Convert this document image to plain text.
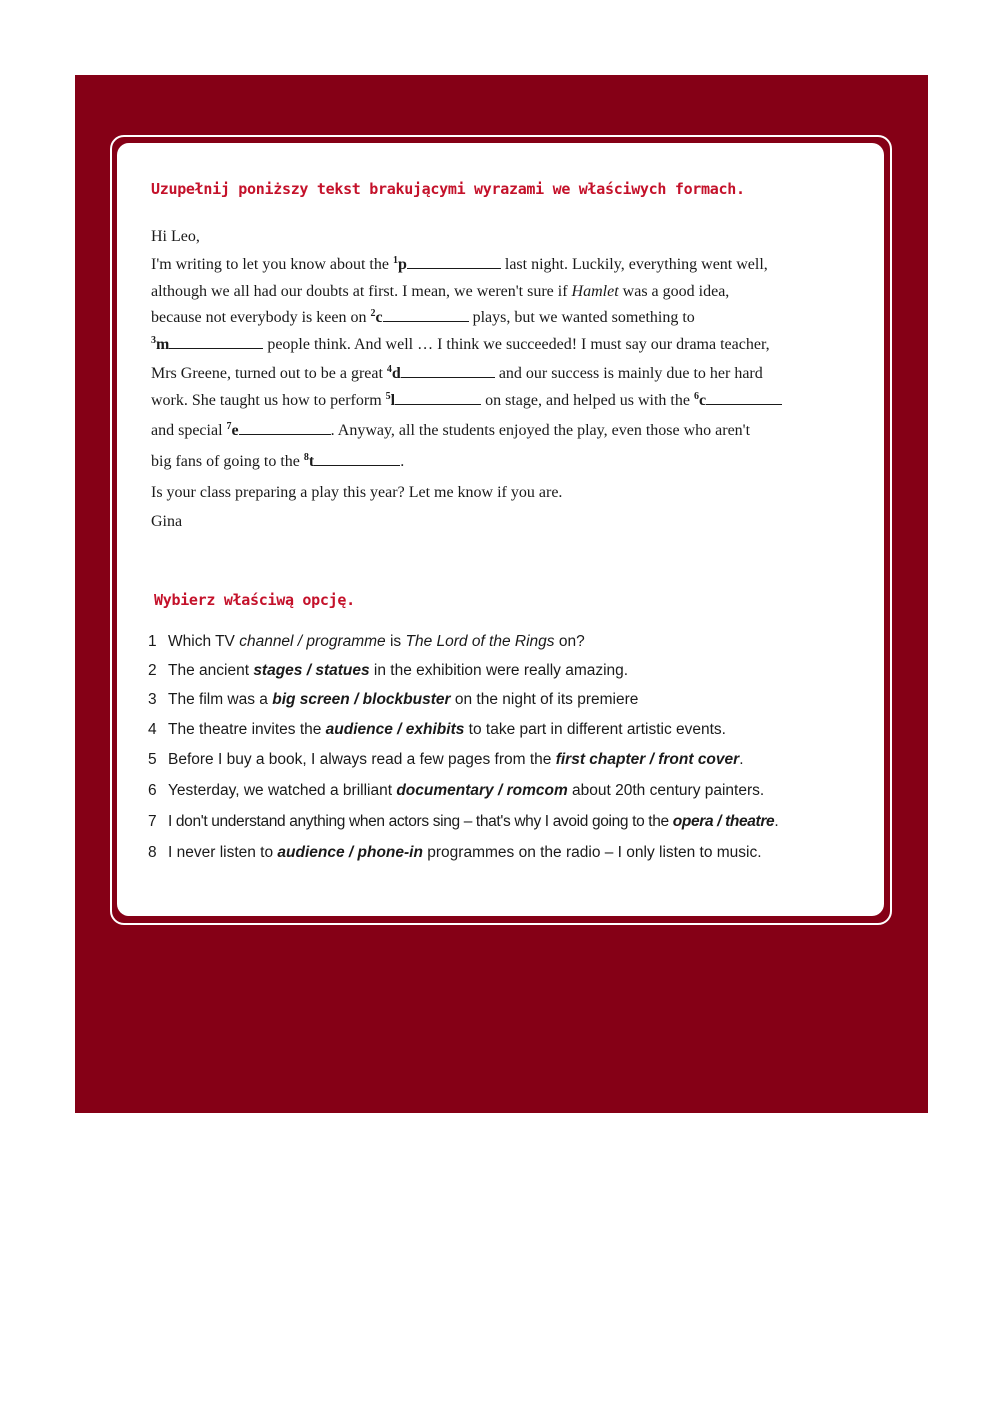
Uzupełnij poniższy tekst brakującymi wyrazami we właściwych formach.
Hi Leo,
I'm writing to let you know about the $^1$p	last night. Luckily, everything went well,
although we all had our doubts at first. I mean, we weren't sure if Hamlet was a good idea,
because not everybody is keen on $^2$c	plays, but we wanted something to
$^3$m	people think. And well … I think we succeeded! I must say our drama teacher,
Mrs Greene, turned out to be a great $^4$d	and our success is mainly due to her hard
work. She taught us how to perform $^5$l	on stage, and helped us with the $^6$c
and special $^7$e	. Anyway, all the students enjoyed the play, even those who aren't
big fans of going to the $^8$t	.
Is your class preparing a play this year? Let me know if you are.
Gina
Wybierz właściwą opcję.
1 Which TV channel / programme is The Lord of the Rings on?
2 The ancient stages / statues in the exhibition were really amazing.
3 The film was a big screen / blockbuster on the night of its premiere
4 The theatre invites the audience / exhibits to take part in different artistic events.
5 Before I buy a book, I always read a few pages from the first chapter / front cover.
6 Yesterday, we watched a brilliant documentary / romcom about 20th century painters.
7 I don't understand anything when actors sing – that's why I avoid going to the opera / theatre.
8 I never listen to audience / phone-in programmes on the radio – I only listen to music.
